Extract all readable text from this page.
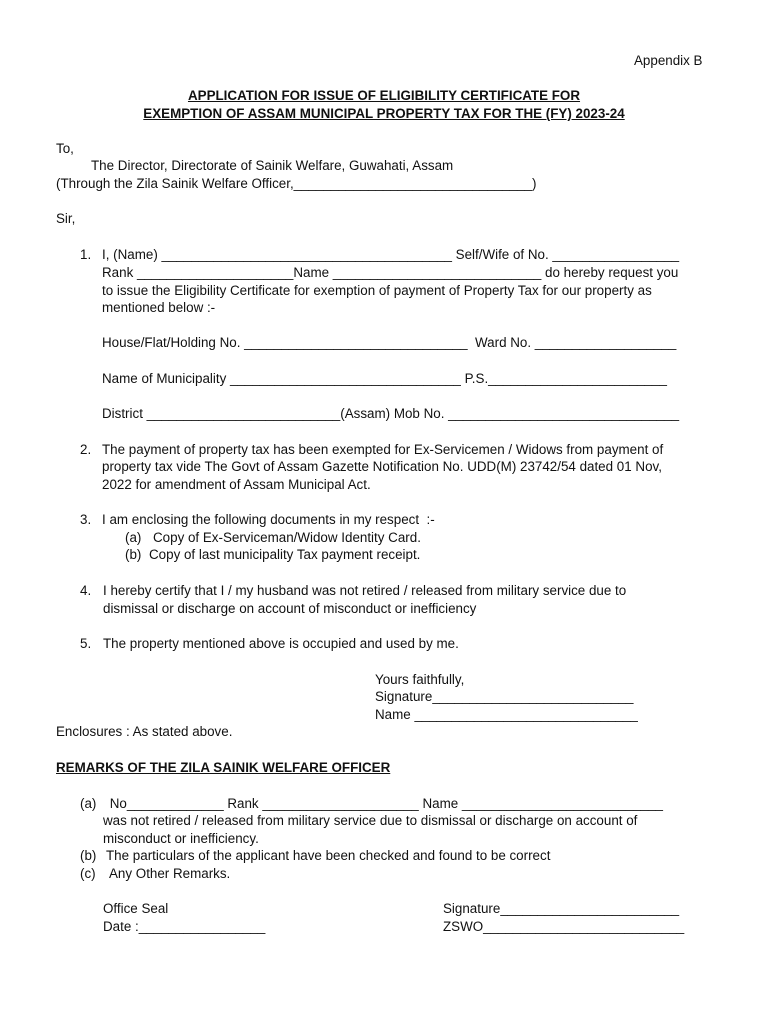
Appendix B
APPLICATION FOR ISSUE OF ELIGIBILITY CERTIFICATE FOR
EXEMPTION OF ASSAM MUNICIPAL PROPERTY TAX FOR THE (FY) 2023-24
To,
The Director, Directorate of Sainik Welfare, Guwahati, Assam
(Through the Zila Sainik Welfare Officer,________________________________)
Sir,
1. I, (Name) _______________________________________ Self/Wife of No. _________________
Rank _____________________Name ____________________________ do hereby request you
to issue the Eligibility Certificate for exemption of payment of Property Tax for our property as
mentioned below :-
House/Flat/Holding No. ______________________________  Ward No. ___________________
Name of Municipality _______________________________ P.S.________________________
District __________________________(Assam) Mob No. _______________________________
2. The payment of property tax has been exempted for Ex-Servicemen / Widows from payment of
property tax vide The Govt of Assam Gazette Notification No. UDD(M) 23742/54 dated 01 Nov,
2022 for amendment of Assam Municipal Act.
3. I am enclosing the following documents in my respect  :-
(a) Copy of Ex-Serviceman/Widow Identity Card.
(b) Copy of last municipality Tax payment receipt.
4. I hereby certify that I / my husband was not retired / released from military service due to
dismissal or discharge on account of misconduct or inefficiency
5. The property mentioned above is occupied and used by me.
Yours faithfully,
Signature___________________________
Name ______________________________
Enclosures : As stated above.
REMARKS OF THE ZILA SAINIK WELFARE OFFICER
(a) No_____________ Rank _____________________ Name ___________________________
was not retired / released from military service due to dismissal or discharge on account of
misconduct or inefficiency.
(b) The particulars of the applicant have been checked and found to be correct
(c) Any Other Remarks.
Office Seal
Date :_________________
Signature________________________
ZSWO___________________________
